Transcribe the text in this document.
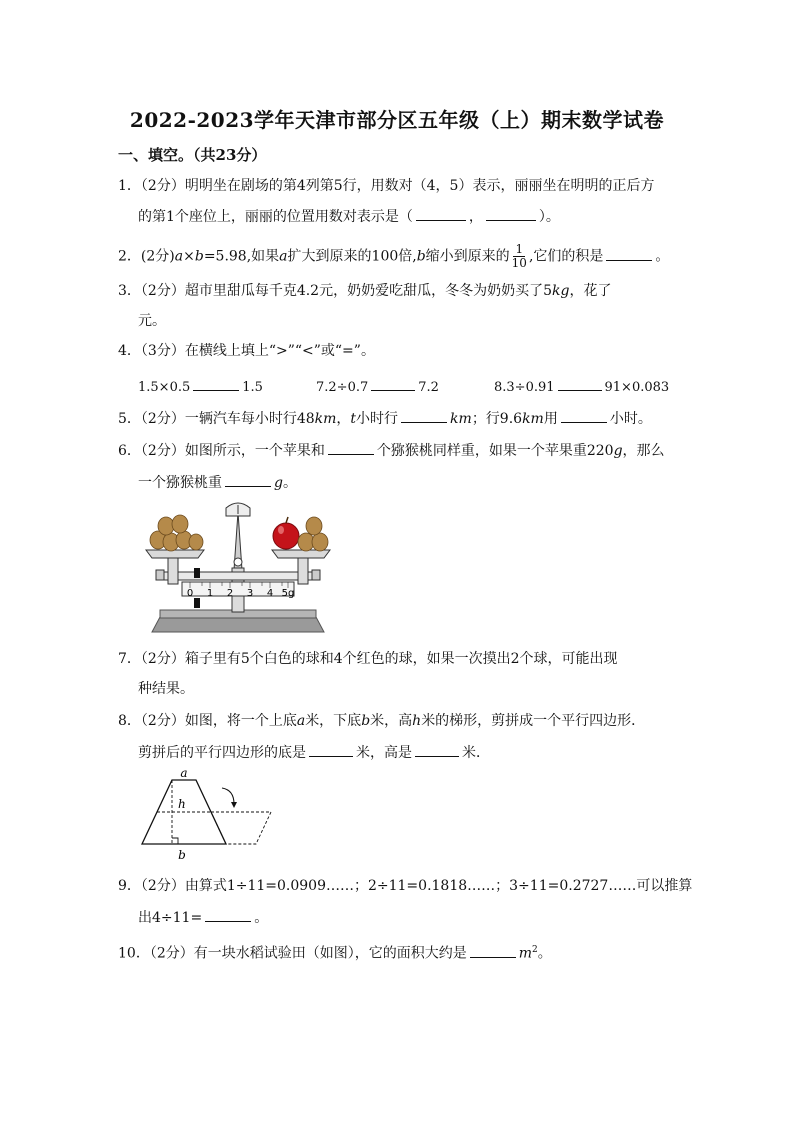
2022-2023学年天津市部分区五年级（上）期末数学试卷
一、填空。（共23分）
1．（2分）明明坐在剧场的第4列第5行，用数对（4，5）表示，丽丽坐在明明的正后方
的第1个座位上，丽丽的位置用数对表示是（	，	）。
2．(2分)a×b=5.98,如果a扩大到原来的100倍,b缩小到原来的 $\frac{1}{10}$ ,它们的积是	。
3．（2分）超市里甜瓜每千克4.2元，奶奶爱吃甜瓜，冬冬为奶奶买了5kg，花了
元。
4．（3分）在横线上填上“>”“<”或“=”。
1.5×0.5	1.5	7.2÷0.7	7.2	8.3÷0.91	91×0.083
5．（2分）一辆汽车每小时行48km，t小时行	km；行9.6km用	小时。
6．（2分）如图所示，一个苹果和	个猕猴桃同样重，如果一个苹果重220g，那么
一个猕猴桃重	g。
0 1 2 3 4 5g
7．（2分）箱子里有5个白色的球和4个红色的球，如果一次摸出2个球，可能出现
种结果。
8．（2分）如图，将一个上底a米，下底b米，高h米的梯形，剪拼成一个平行四边形．
剪拼后的平行四边形的底是	米，高是	米．
a
h
b
9．（2分）由算式1÷11=0.0909……；2÷11=0.1818……；3÷11=0.2727……可以推算
出4÷11=	。
10．（2分）有一块水稻试验田（如图），它的面积大约是	$m^2$。
